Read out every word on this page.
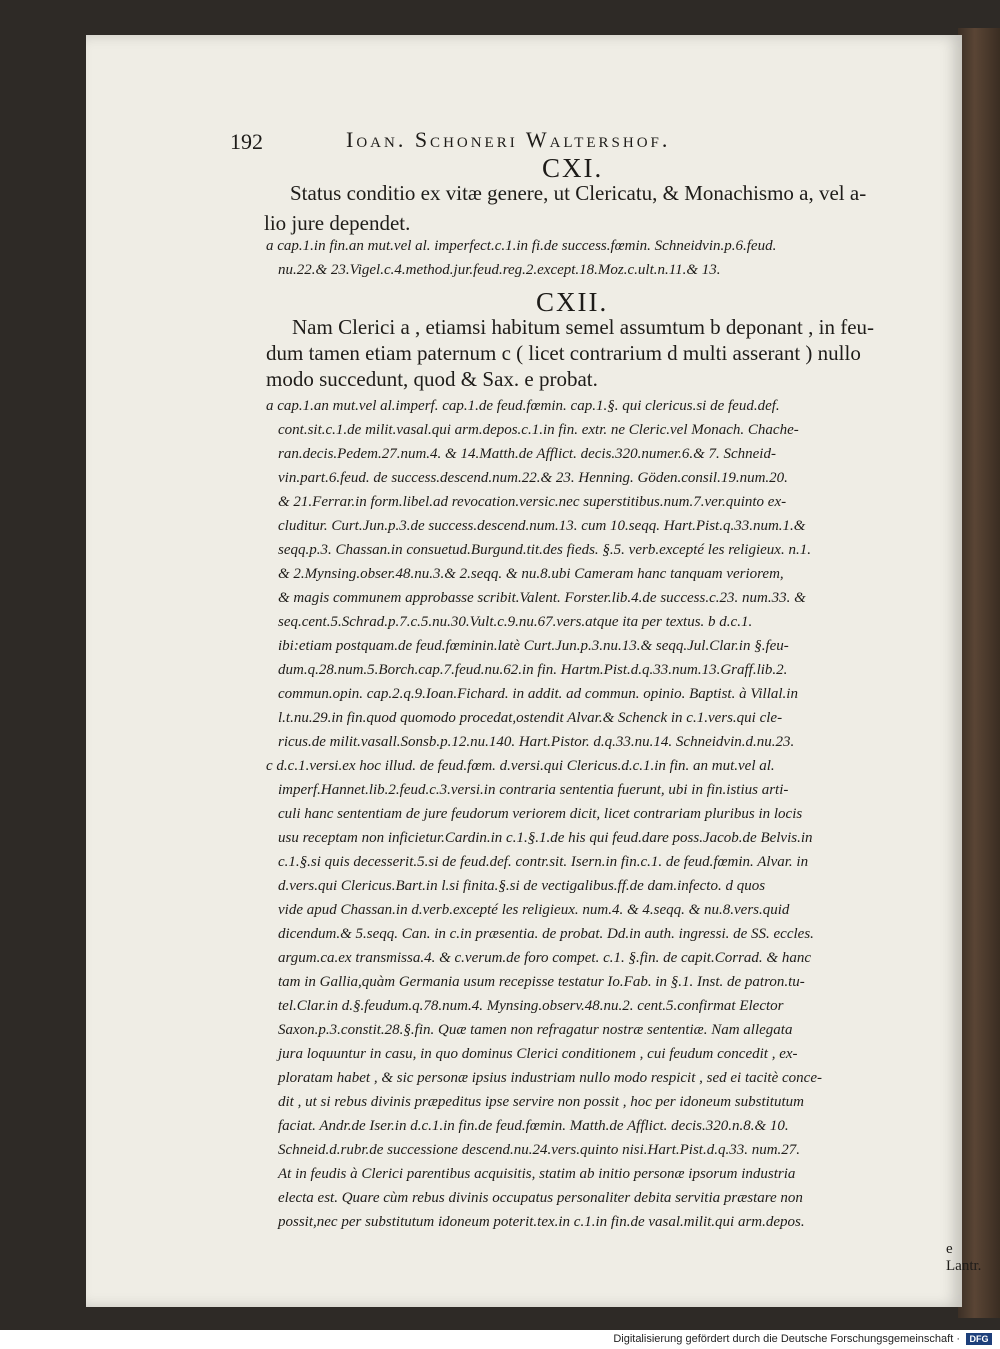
192	Ioan. Schoneri Waltershof.
CXI.
Status conditio ex vitæ genere, ut Clericatu, & Monachismo a, vel a-
lio jure dependet.
a cap.1.in fin.an mut.vel al. imperfect.c.1.in fi.de success.fœmin. Schneidvin.p.6.feud.
nu.22.& 23.Vigel.c.4.method.jur.feud.reg.2.except.18.Moz.c.ult.n.11.& 13.
CXII.
Nam Clerici a , etiamsi habitum semel assumtum b deponant , in feu-
dum tamen etiam paternum c ( licet contrarium d multi asserant ) nullo
modo succedunt, quod & Sax. e probat.
a cap.1.an mut.vel al.imperf. cap.1.de feud.fœmin. cap.1.§. qui clericus.si de feud.def.
cont.sit.c.1.de milit.vasal.qui arm.depos.c.1.in fin. extr. ne Cleric.vel Monach. Chache-
ran.decis.Pedem.27.num.4. & 14.Matth.de Afflict. decis.320.numer.6.& 7. Schneid-
vin.part.6.feud. de success.descend.num.22.& 23. Henning. Göden.consil.19.num.20.
& 21.Ferrar.in form.libel.ad revocation.versic.nec superstitibus.num.7.ver.quinto ex-
cluditur. Curt.Jun.p.3.de success.descend.num.13. cum 10.seqq. Hart.Pist.q.33.num.1.&
seqq.p.3. Chassan.in consuetud.Burgund.tit.des fieds. §.5. verb.excepté les religieux. n.1.
& 2.Mynsing.obser.48.nu.3.& 2.seqq. & nu.8.ubi Cameram hanc tanquam veriorem,
& magis communem approbasse scribit.Valent. Forster.lib.4.de success.c.23. num.33. &
seq.cent.5.Schrad.p.7.c.5.nu.30.Vult.c.9.nu.67.vers.atque ita per textus. b d.c.1.
ibi:etiam postquam.de feud.fœminin.latè Curt.Jun.p.3.nu.13.& seqq.Jul.Clar.in §.feu-
dum.q.28.num.5.Borch.cap.7.feud.nu.62.in fin. Hartm.Pist.d.q.33.num.13.Graff.lib.2.
commun.opin. cap.2.q.9.Ioan.Fichard. in addit. ad commun. opinio. Baptist. à Villal.in
l.t.nu.29.in fin.quod quomodo procedat,ostendit Alvar.& Schenck in c.1.vers.qui cle-
ricus.de milit.vasall.Sonsb.p.12.nu.140. Hart.Pistor. d.q.33.nu.14. Schneidvin.d.nu.23.
c d.c.1.versi.ex hoc illud. de feud.fœm. d.versi.qui Clericus.d.c.1.in fin. an mut.vel al.
imperf.Hannet.lib.2.feud.c.3.versi.in contraria sententia fuerunt, ubi in fin.istius arti-
culi hanc sententiam de jure feudorum veriorem dicit, licet contrariam pluribus in locis
usu receptam non inficietur.Cardin.in c.1.§.1.de his qui feud.dare poss.Jacob.de Belvis.in
c.1.§.si quis decesserit.5.si de feud.def. contr.sit. Isern.in fin.c.1. de feud.fœmin. Alvar. in
d.vers.qui Clericus.Bart.in l.si finita.§.si de vectigalibus.ff.de dam.infecto. d quos
vide apud Chassan.in d.verb.excepté les religieux. num.4. & 4.seqq. & nu.8.vers.quid
dicendum.& 5.seqq. Can. in c.in præsentia. de probat. Dd.in auth. ingressi. de SS. eccles.
argum.ca.ex transmissa.4. & c.verum.de foro compet. c.1. §.fin. de capit.Corrad. & hanc
tam in Gallia,quàm Germania usum recepisse testatur Io.Fab. in §.1. Inst. de patron.tu-
tel.Clar.in d.§.feudum.q.78.num.4. Mynsing.observ.48.nu.2. cent.5.confirmat Elector
Saxon.p.3.constit.28.§.fin. Quæ tamen non refragatur nostræ sententiæ. Nam allegata
jura loquuntur in casu, in quo dominus Clerici conditionem , cui feudum concedit , ex-
ploratam habet , & sic personæ ipsius industriam nullo modo respicit , sed ei tacitè conce-
dit , ut si rebus divinis præpeditus ipse servire non possit , hoc per idoneum substitutum
faciat. Andr.de Iser.in d.c.1.in fin.de feud.fœmin. Matth.de Afflict. decis.320.n.8.& 10.
Schneid.d.rubr.de successione descend.nu.24.vers.quinto nisi.Hart.Pist.d.q.33. num.27.
At in feudis à Clerici parentibus acquisitis, statim ab initio personæ ipsorum industria
electa est. Quare cùm rebus divinis occupatus personaliter debita servitia præstare non
possit,nec per substitutum idoneum poterit.tex.in c.1.in fin.de vasal.milit.qui arm.depos.
e Lantr.
Digitalisierung gefördert durch die Deutsche Forschungsgemeinschaft ·	DFG
